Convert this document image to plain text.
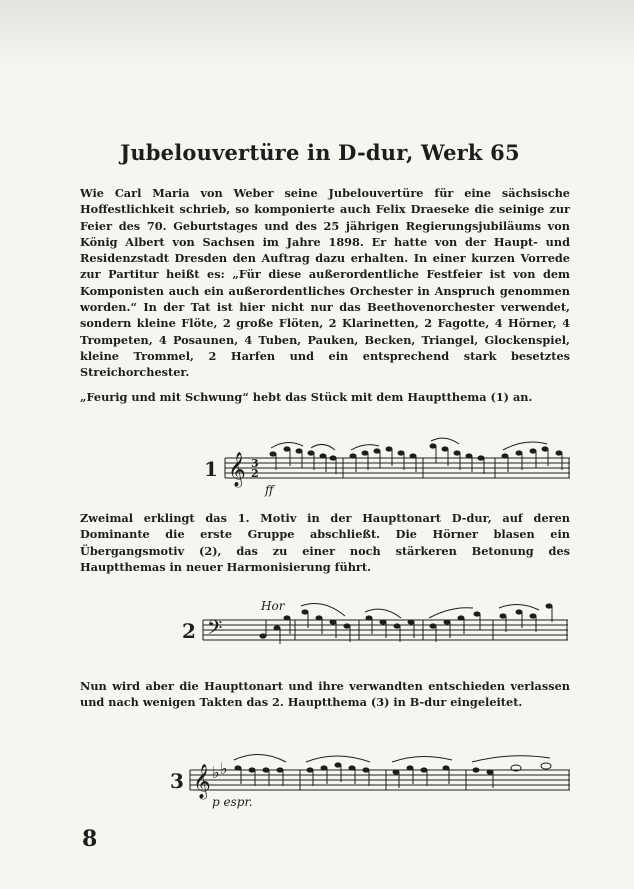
Jubelouvertüre in D-dur, Werk 65

Wie Carl Maria von Weber seine Jubelouvertüre für eine sächsische Hoffestlichkeit schrieb, so komponierte auch Felix Draeseke die seinige zur Feier des 70. Geburtstages und des 25 jährigen Regierungsjubiläums von König Albert von Sachsen im Jahre 1898. Er hatte von der Haupt- und Residenzstadt Dresden den Auftrag dazu erhalten. In einer kurzen Vorrede zur Partitur heißt es: „Für diese außerordentliche Festfeier ist von dem Komponisten auch ein außerordentliches Orchester in Anspruch genommen worden.“ In der Tat ist hier nicht nur das Beethovenorchester verwendet, sondern kleine Flöte, 2 große Flöten, 2 Klarinetten, 2 Fagotte, 4 Hörner, 4 Trompeten, 4 Posaunen, 4 Tuben, Pauken, Becken, Triangel, Glockenspiel, kleine Trommel, 2 Harfen und ein entsprechend stark besetztes Streichorchester.

„Feurig und mit Schwung“ hebt das Stück mit dem Hauptthema (1) an.

1 𝄞 3
2
ff

Zweimal erklingt das 1. Motiv in der Haupttonart D-dur, auf deren Dominante die erste Gruppe abschließt. Die Hörner blasen ein Übergangsmotiv (2), das zu einer noch stärkeren Betonung des Hauptthemas in neuer Harmonisierung führt.

2 𝄢
Hor

Nun wird aber die Haupttonart und ihre verwandten entschieden verlassen und nach wenigen Takten das 2. Hauptthema (3) in B-dur eingeleitet.

3 𝄞 ♭ ♭
p espr.
8
